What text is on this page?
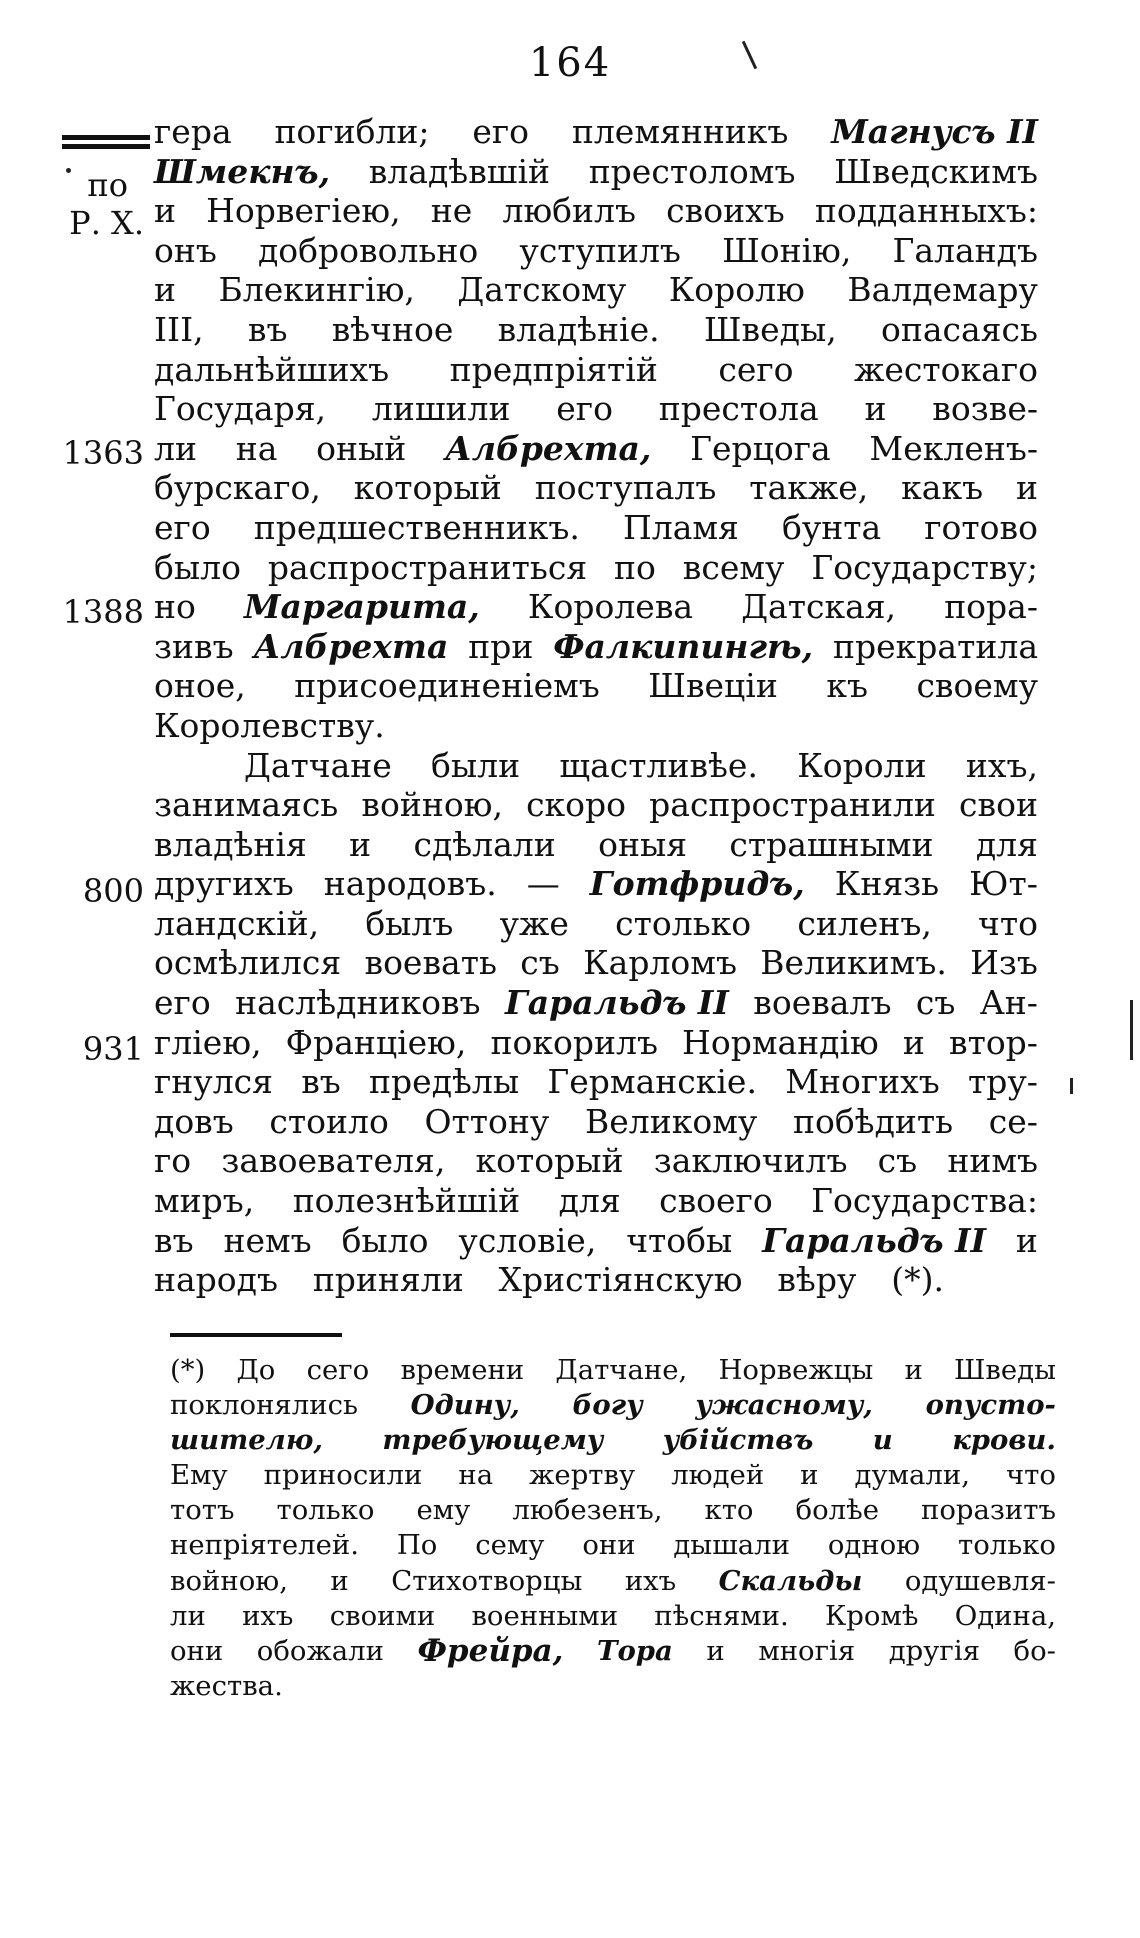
164
по
Р. Х.
1363
1388
800
931
гера погибли; его племянникъ Магнусъ II
Шмекнъ, владѣвшій престоломъ Шведскимъ
и Норвегіею, не любилъ своихъ подданныхъ:
онъ добровольно уступилъ Шонію, Галандъ
и Блекингію, Датскому Королю Валдемару
III, въ вѣчное владѣніе. Шведы, опасаясь
дальнѣйшихъ предпріятій сего жестокаго
Государя, лишили его престола и возве-
ли на оный Албрехта, Герцога Мекленъ-
бурскаго, который поступалъ также, какъ и
его предшественникъ. Пламя бунта готово
было распространиться по всему Государству;
но Маргарита, Королева Датская, пора-
зивъ Албрехта при Фалкипингѣ, прекратила
оное, присоединеніемъ Швеціи къ своему
Королевству.
Датчане были щастливѣе. Короли ихъ,
занимаясь войною, скоро распространили свои
владѣнія и сдѣлали оныя страшными для
другихъ народовъ. — Готфридъ, Князь Ют-
ландскій, былъ уже столько силенъ, что
осмѣлился воевать съ Карломъ Великимъ. Изъ
его наслѣдниковъ Гаральдъ II воевалъ съ Ан-
гліею, Франціею, покорилъ Нормандію и втор-
гнулся въ предѣлы Германскіе. Многихъ тру-
довъ стоило Оттону Великому побѣдить се-
го завоевателя, который заключилъ съ нимъ
миръ, полезнѣйшій для своего Государства:
въ немъ было условіе, чтобы Гаральдъ II и
народъ приняли Христіянскую вѣру (*).
(*) До сего времени Датчане, Норвежцы и Шведы
поклонялись Одину, богу ужасному, опусто-
шителю, требующему убійствъ и крови.
Ему приносили на жертву людей и думали, что
тотъ только ему любезенъ, кто болѣе поразитъ
непріятелей. По сему они дышали одною только
войною, и Стихотворцы ихъ Скальды одушевля-
ли ихъ своими военными пѣснями. Кромѣ Одина,
они обожали Фрейра, Тора и многія другія бо-
жества.
